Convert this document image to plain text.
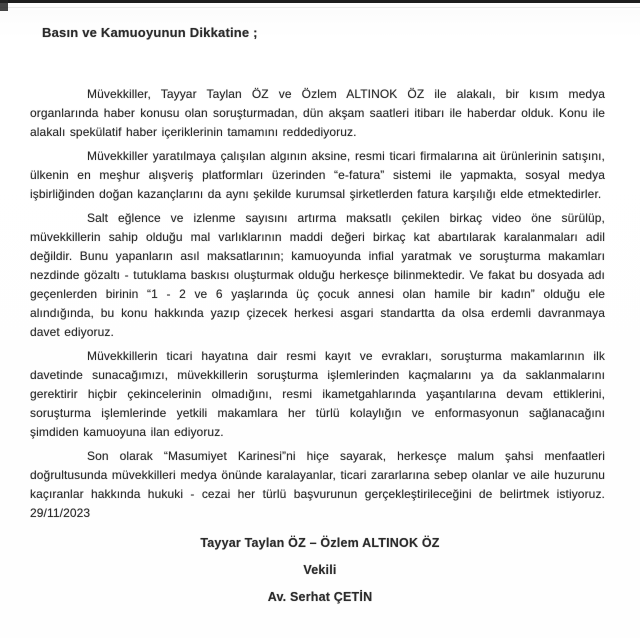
Basın ve Kamuoyunun Dikkatine ;

Müvekkiller, Tayyar Taylan ÖZ ve Özlem ALTINOK ÖZ ile alakalı, bir kısım medya organlarında haber konusu olan soruşturmadan, dün akşam saatleri itibarı ile haberdar olduk. Konu ile alakalı spekülatif haber içeriklerinin tamamını reddediyoruz.

Müvekkiller yaratılmaya çalışılan algının aksine, resmi ticari firmalarına ait ürünlerinin satışını, ülkenin en meşhur alışveriş platformları üzerinden “e-fatura” sistemi ile yapmakta, sosyal medya işbirliğinden doğan kazançlarını da aynı şekilde kurumsal şirketlerden fatura karşılığı elde etmektedirler.

Salt eğlence ve izlenme sayısını artırma maksatlı çekilen birkaç video öne sürülüp, müvekkillerin sahip olduğu mal varlıklarının maddi değeri birkaç kat abartılarak karalanmaları adil değildir. Bunu yapanların asıl maksatlarının; kamuoyunda infial yaratmak ve soruşturma makamları nezdinde gözaltı - tutuklama baskısı oluşturmak olduğu herkesçe bilinmektedir. Ve fakat bu dosyada adı geçenlerden birinin “1 - 2 ve 6 yaşlarında üç çocuk annesi olan hamile bir kadın” olduğu ele alındığında, bu konu hakkında yazıp çizecek herkesi asgari standartta da olsa erdemli davranmaya davet ediyoruz.

Müvekkillerin ticari hayatına dair resmi kayıt ve evrakları, soruşturma makamlarının ilk davetinde sunacağımızı, müvekkillerin soruşturma işlemlerinden kaçmalarını ya da saklanmalarını gerektirir hiçbir çekincelerinin olmadığını, resmi ikametgahlarında yaşantılarına devam ettiklerini, soruşturma işlemlerinde yetkili makamlara her türlü kolaylığın ve enformasyonun sağlanacağını şimdiden kamuoyuna ilan ediyoruz.

Son olarak “Masumiyet Karinesi”ni hiçe sayarak, herkesçe malum şahsi menfaatleri doğrultusunda müvekkilleri medya önünde karalayanlar, ticari zararlarına sebep olanlar ve aile huzurunu kaçıranlar hakkında hukuki - cezai her türlü başvurunun gerçekleştirileceğini de belirtmek istiyoruz. 29/11/2023

Tayyar Taylan ÖZ – Özlem ALTINOK ÖZ
Vekili
Av. Serhat ÇETİN
